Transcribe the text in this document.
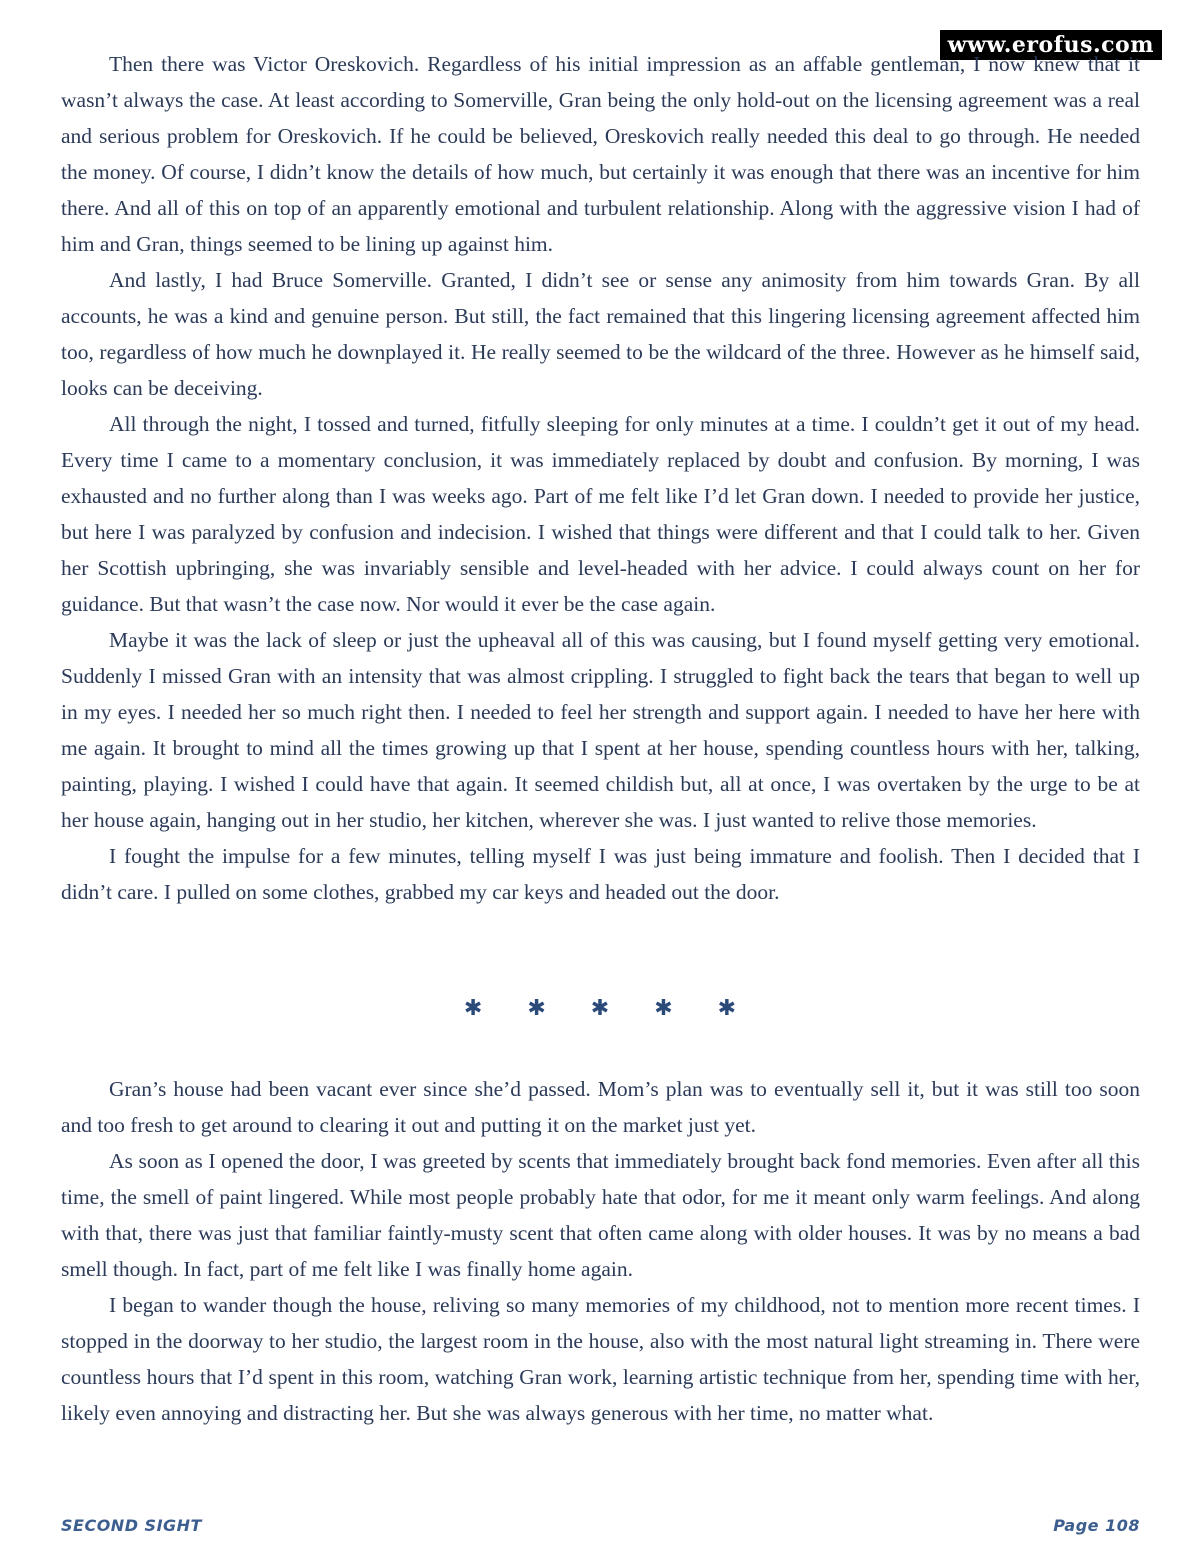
www.erofus.com

Then there was Victor Oreskovich. Regardless of his initial impression as an affable gentleman, I now knew that it wasn’t always the case. At least according to Somerville, Gran being the only hold-out on the licensing agreement was a real and serious problem for Oreskovich. If he could be believed, Oreskovich really needed this deal to go through. He needed the money. Of course, I didn’t know the details of how much, but certainly it was enough that there was an incentive for him there. And all of this on top of an apparently emotional and turbulent relationship. Along with the aggressive vision I had of him and Gran, things seemed to be lining up against him.

And lastly, I had Bruce Somerville. Granted, I didn’t see or sense any animosity from him towards Gran. By all accounts, he was a kind and genuine person. But still, the fact remained that this lingering licensing agreement affected him too, regardless of how much he downplayed it. He really seemed to be the wildcard of the three. However as he himself said, looks can be deceiving.

All through the night, I tossed and turned, fitfully sleeping for only minutes at a time. I couldn’t get it out of my head. Every time I came to a momentary conclusion, it was immediately replaced by doubt and confusion. By morning, I was exhausted and no further along than I was weeks ago. Part of me felt like I’d let Gran down. I needed to provide her justice, but here I was paralyzed by confusion and indecision. I wished that things were different and that I could talk to her. Given her Scottish upbringing, she was invariably sensible and level-headed with her advice. I could always count on her for guidance. But that wasn’t the case now. Nor would it ever be the case again.

Maybe it was the lack of sleep or just the upheaval all of this was causing, but I found myself getting very emotional. Suddenly I missed Gran with an intensity that was almost crippling. I struggled to fight back the tears that began to well up in my eyes. I needed her so much right then. I needed to feel her strength and support again. I needed to have her here with me again. It brought to mind all the times growing up that I spent at her house, spending countless hours with her, talking, painting, playing. I wished I could have that again. It seemed childish but, all at once, I was overtaken by the urge to be at her house again, hanging out in her studio, her kitchen, wherever she was. I just wanted to relive those memories.

I fought the impulse for a few minutes, telling myself I was just being immature and foolish. Then I decided that I didn’t care. I pulled on some clothes, grabbed my car keys and headed out the door.

✱ ✱ ✱ ✱ ✱

Gran’s house had been vacant ever since she’d passed. Mom’s plan was to eventually sell it, but it was still too soon and too fresh to get around to clearing it out and putting it on the market just yet.

As soon as I opened the door, I was greeted by scents that immediately brought back fond memories. Even after all this time, the smell of paint lingered. While most people probably hate that odor, for me it meant only warm feelings. And along with that, there was just that familiar faintly-musty scent that often came along with older houses. It was by no means a bad smell though. In fact, part of me felt like I was finally home again.

I began to wander though the house, reliving so many memories of my childhood, not to mention more recent times. I stopped in the doorway to her studio, the largest room in the house, also with the most natural light streaming in. There were countless hours that I’d spent in this room, watching Gran work, learning artistic technique from her, spending time with her, likely even annoying and distracting her. But she was always generous with her time, no matter what.

SECOND SIGHT	Page 108
